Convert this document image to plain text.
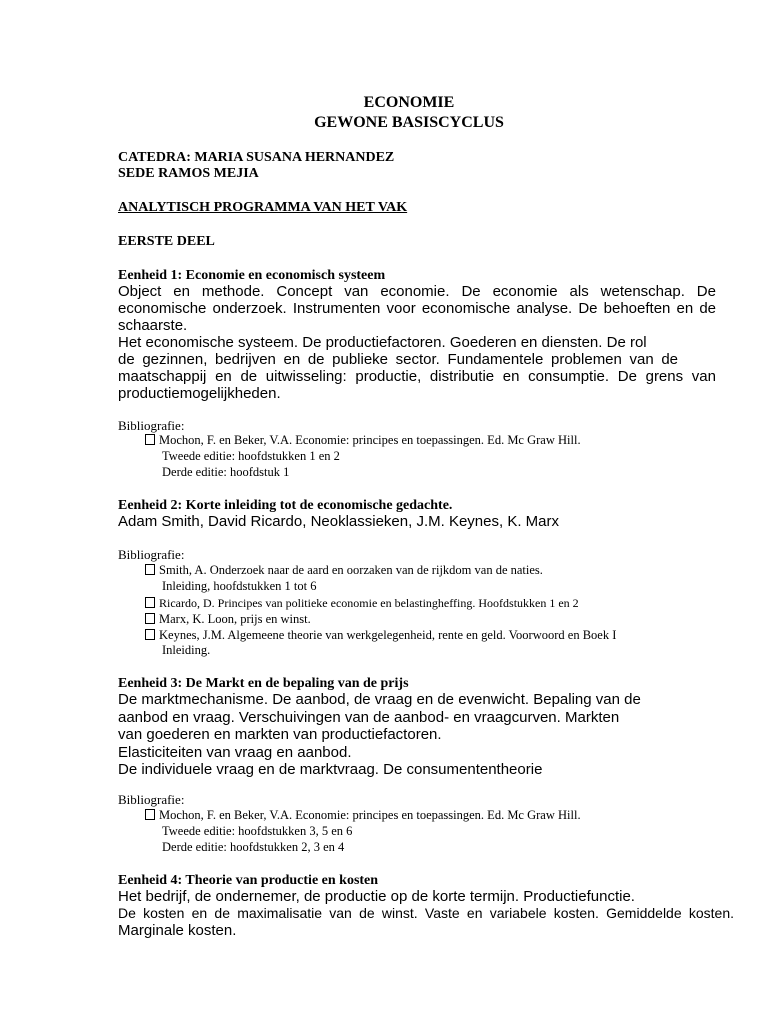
ECONOMIE
GEWONE BASISCYCLUS
CATEDRA: MARIA SUSANA HERNANDEZ
SEDE RAMOS MEJIA
ANALYTISCH PROGRAMMA VAN HET VAK
EERSTE DEEL
Eenheid 1: Economie en economisch systeem
Object en methode. Concept van economie. De economie als wetenschap. De
economische onderzoek. Instrumenten voor economische analyse. De behoeften en de
schaarste.
Het economische systeem. De productiefactoren. Goederen en diensten. De rol
de gezinnen, bedrijven en de publieke sector. Fundamentele problemen van de
maatschappij en de uitwisseling: productie, distributie en consumptie. De grens van
productiemogelijkheden.
Bibliografie:
Mochon, F. en Beker, V.A. Economie: principes en toepassingen. Ed. Mc Graw Hill.
Tweede editie: hoofdstukken 1 en 2
Derde editie: hoofdstuk 1
Eenheid 2: Korte inleiding tot de economische gedachte.
Adam Smith, David Ricardo, Neoklassieken, J.M. Keynes, K. Marx
Bibliografie:
Smith, A. Onderzoek naar de aard en oorzaken van de rijkdom van de naties.
Inleiding, hoofdstukken 1 tot 6
Ricardo, D. Principes van politieke economie en belastingheffing. Hoofdstukken 1 en 2
Marx, K. Loon, prijs en winst.
Keynes, J.M. Algemeene theorie van werkgelegenheid, rente en geld. Voorwoord en Boek I
Inleiding.
Eenheid 3: De Markt en de bepaling van de prijs
De marktmechanisme. De aanbod, de vraag en de evenwicht. Bepaling van de
aanbod en vraag. Verschuivingen van de aanbod- en vraagcurven. Markten
van goederen en markten van productiefactoren.
Elasticiteiten van vraag en aanbod.
De individuele vraag en de marktvraag. De consumententheorie
Bibliografie:
Mochon, F. en Beker, V.A. Economie: principes en toepassingen. Ed. Mc Graw Hill.
Tweede editie: hoofdstukken 3, 5 en 6
Derde editie: hoofdstukken 2, 3 en 4
Eenheid 4: Theorie van productie en kosten
Het bedrijf, de ondernemer, de productie op de korte termijn. Productiefunctie.
De kosten en de maximalisatie van de winst. Vaste en variabele kosten. Gemiddelde kosten.
Marginale kosten.
